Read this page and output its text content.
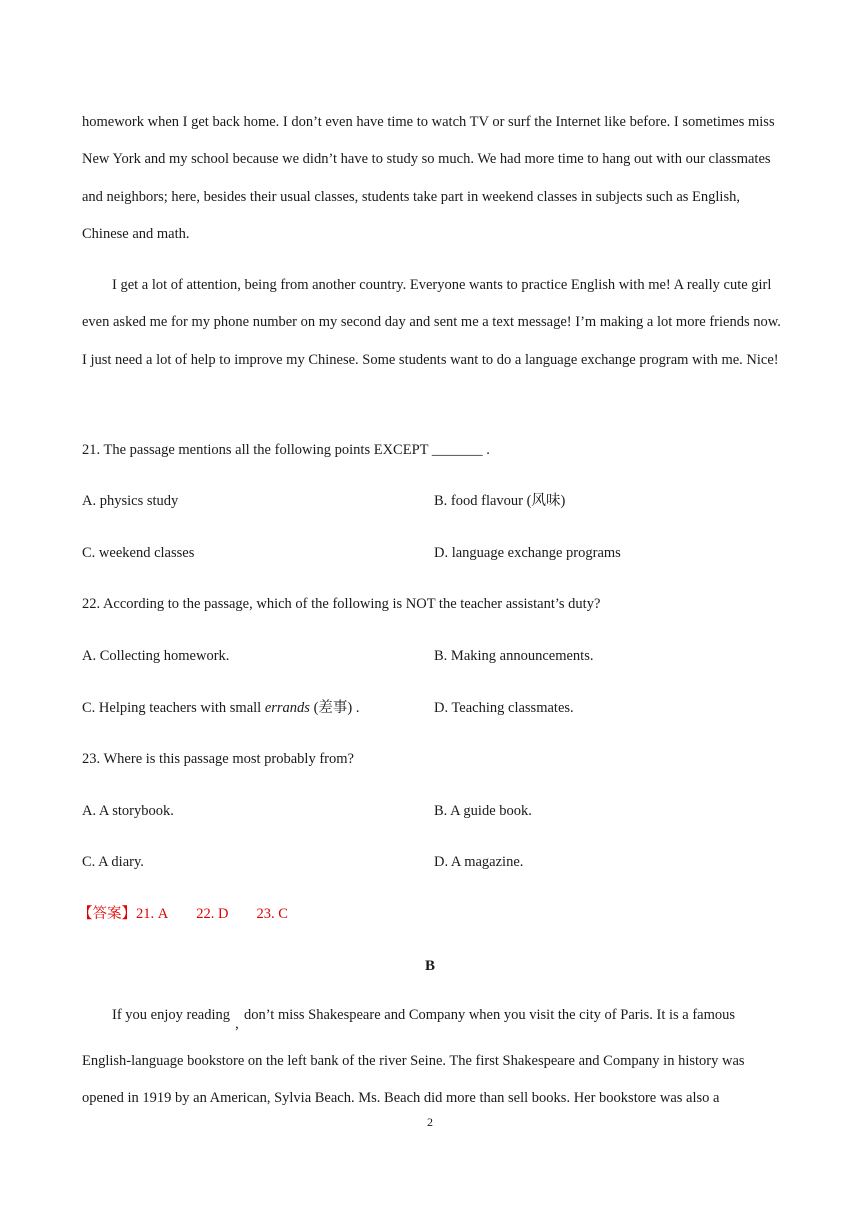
homework when I get back home. I don’t even have time to watch TV or surf the Internet like before. I sometimes miss New York and my school because we didn’t have to study so much. We had more time to hang out with our classmates and neighbors; here, besides their usual classes, students take part in weekend classes in subjects such as English, Chinese and math.

I get a lot of attention, being from another country. Everyone wants to practice English with me! A really cute girl even asked me for my phone number on my second day and sent me a text message! I’m making a lot more friends now. I just need a lot of help to improve my Chinese. Some students want to do a language exchange program with me. Nice!

21. The passage mentions all the following points EXCEPT _______ .
A. physics study	B. food flavour (风味)
C. weekend classes	D. language exchange programs
22. According to the passage, which of the following is NOT the teacher assistant’s duty?
A. Collecting homework.	B. Making announcements.
C. Helping teachers with small errands (差事) .	D. Teaching classmates.
23. Where is this passage most probably from?
A. A storybook.	B. A guide book.
C. A diary.	D. A magazine.
【答案】21. A 22. D 23. C
B
If you enjoy reading,don’t miss Shakespeare and Company when you visit the city of Paris. It is a famous

English-language bookstore on the left bank of the river Seine. The first Shakespeare and Company in history was opened in 1919 by an American, Sylvia Beach. Ms. Beach did more than sell books. Her bookstore was also a

2
